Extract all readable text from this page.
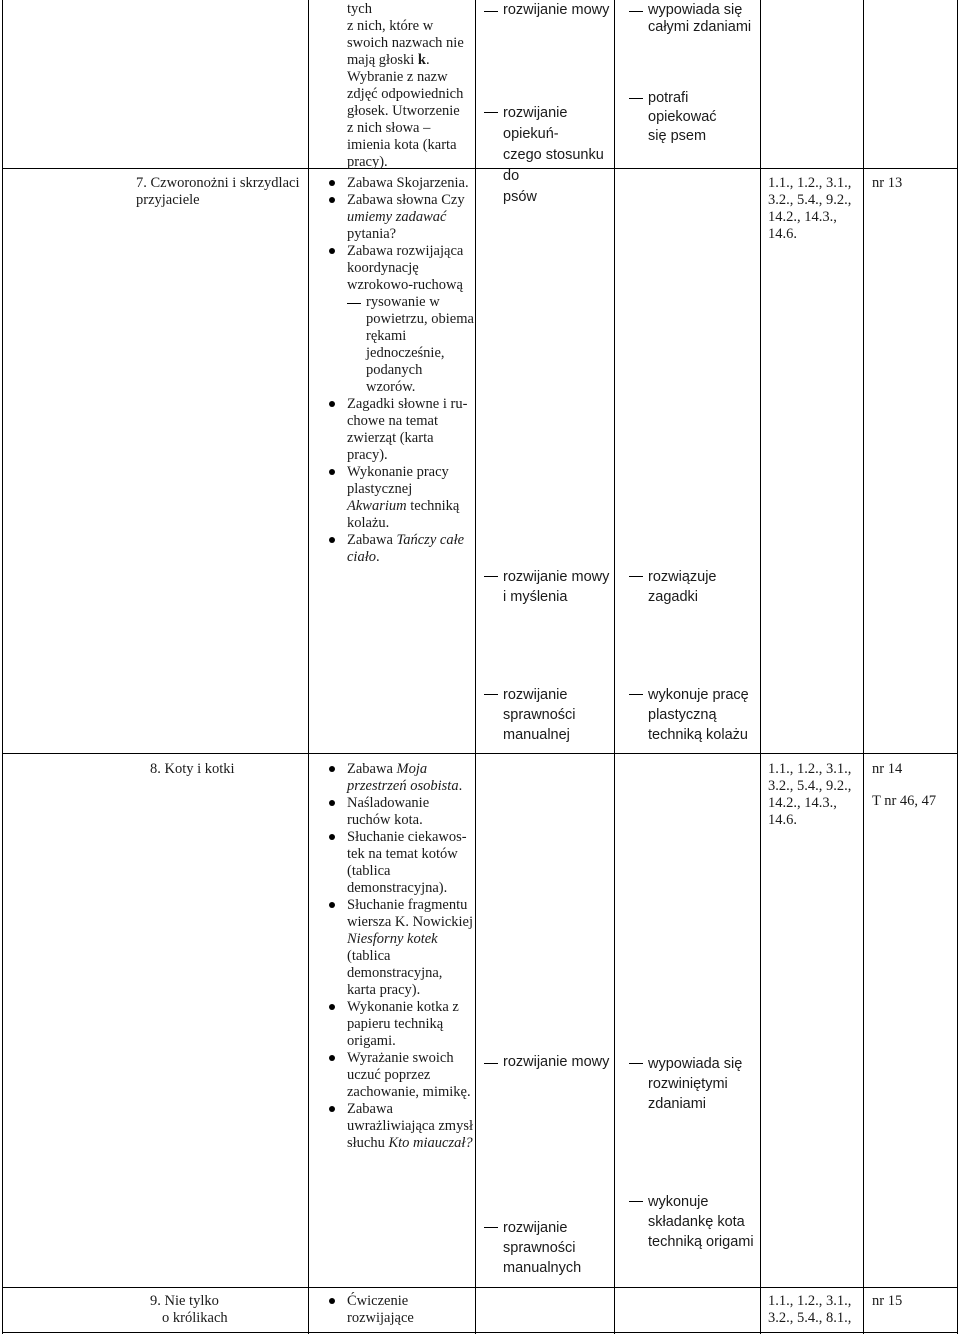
tych

z nich, które w

swoich nazwach nie

mają głoski k.

Wybranie z nazw

zdjęć odpowiednich

głosek. Utworzenie

z nich słowa –

imienia kota (karta

pracy).

rozwijanie mowy

rozwijanie opiekuń-

czego stosunku do

psów

wypowiada się

całymi zdaniami

potrafi opiekować

się psem

7. Czworonożni i skrzydlaci przyjaciele

Zabawa Skojarzenia.
Zabawa słowna Czy umiemy zadawać pytania?
Zabawa rozwijająca koordynację wzrokowo-ruchową
rysowanie w powietrzu, obiema rękami jednocześnie, podanych wzorów.
Zagadki słowne i ru-chowe na temat zwierząt (karta pracy).
Wykonanie pracy plastycznej Akwarium techniką kolażu.
Zabawa Tańczy całe ciało.

1.1., 1.2., 3.1., 3.2., 5.4., 9.2., 14.2., 14.3., 14.6.

nr 13

rozwijanie mowy

i myślenia

rozwiązuje

zagadki

rozwijanie

sprawności

manualnej

wykonuje pracę

plastyczną

techniką kolażu

8. Koty i kotki	Zabawa Moja przestrzeń osobista.
Naśladowanie ruchów kota.
Słuchanie ciekawos-tek na temat kotów (tablica demonstracyjna).
Słuchanie fragmentu wiersza K. Nowickiej Niesforny kotek (tablica demonstracyjna, karta pracy).
Wykonanie kotka z papieru techniką origami.
Wyrażanie swoich uczuć poprzez zachowanie, mimikę.
Zabawa uwrażliwiająca zmysł słuchu Kto miauczał?

1.1., 1.2., 3.1., 3.2., 5.4., 9.2., 14.2., 14.3., 14.6.

nr 14

T nr 46, 47

rozwijanie mowy	wypowiada się

rozwiniętymi

zdaniami

rozwijanie

sprawności

manualnych

wykonuje

składankę kota

techniką origami

9. Nie tylko

o królikach

Ćwiczenie
rozwijające

1.1., 1.2., 3.1.,

3.2., 5.4., 8.1.,

nr 15
